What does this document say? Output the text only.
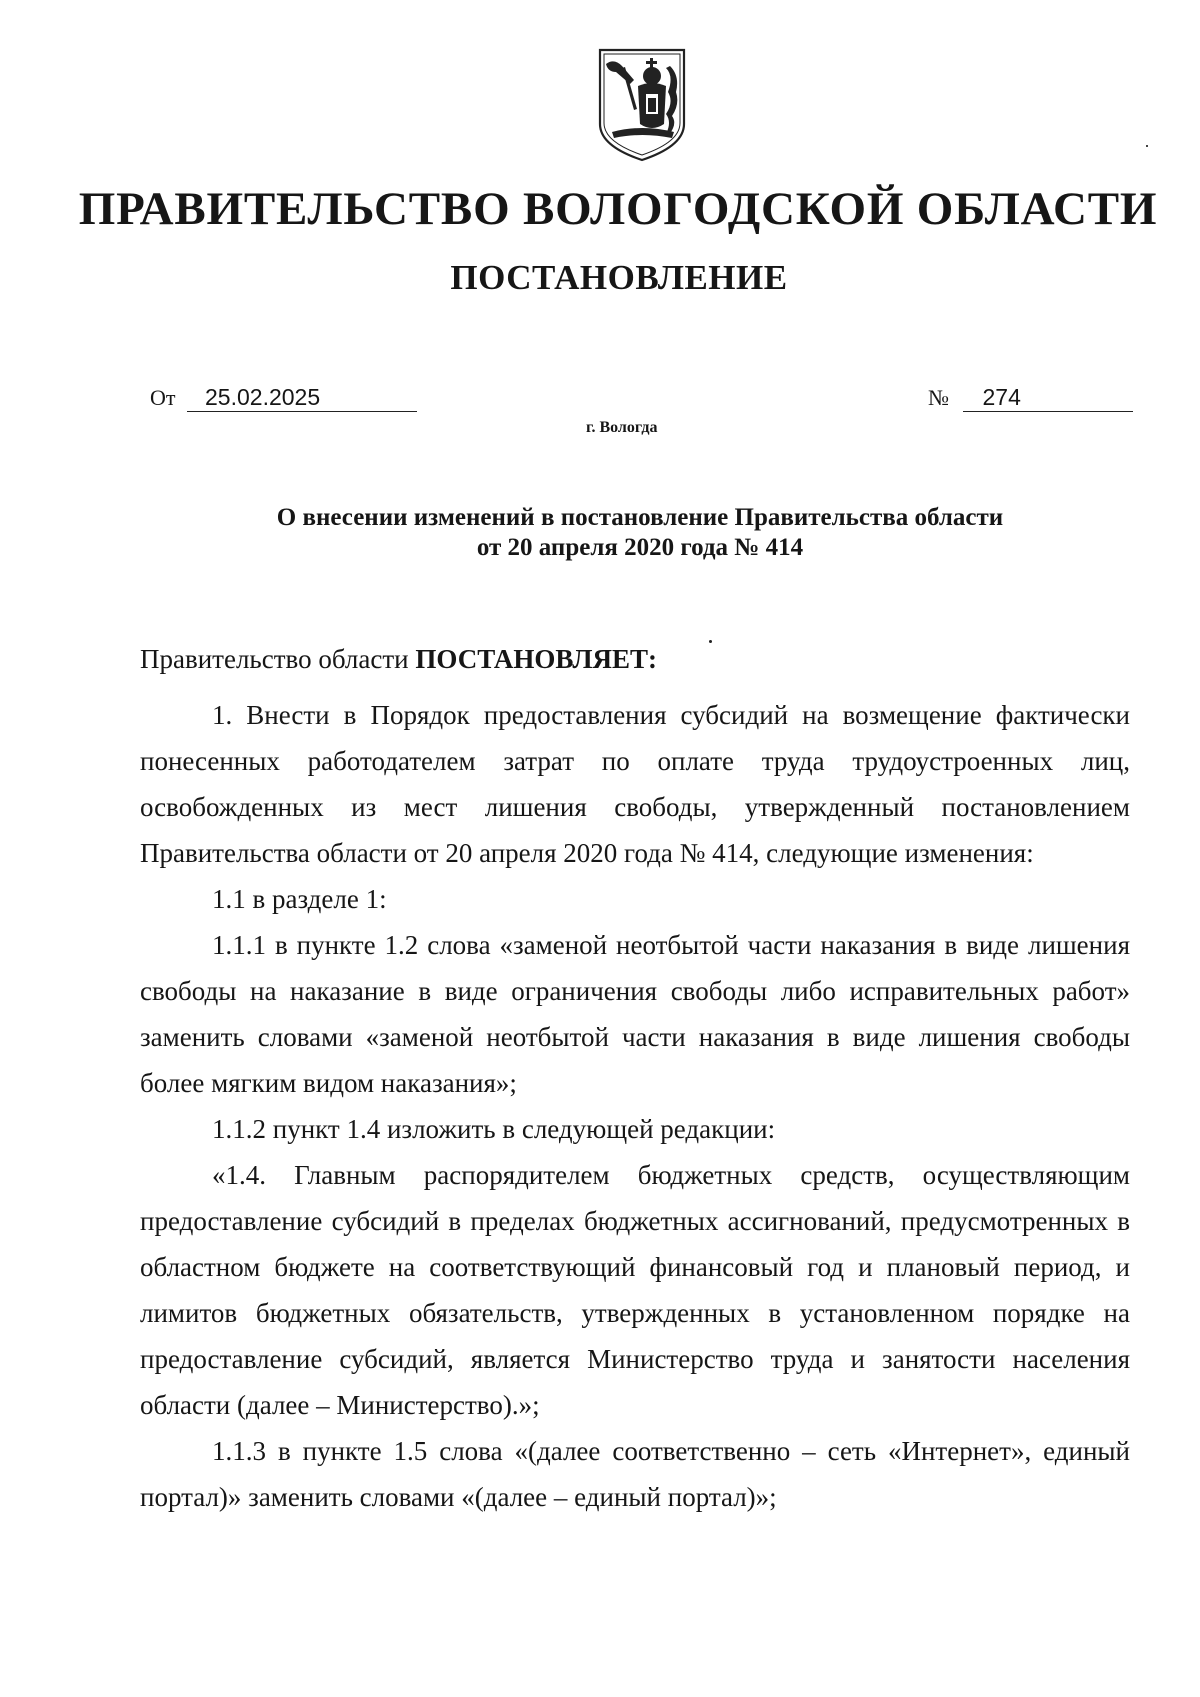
ПРАВИТЕЛЬСТВО ВОЛОГОДСКОЙ ОБЛАСТИ
ПОСТАНОВЛЕНИЕ
От 25.02.2025	№ 274
г. Вологда
О внесении изменений в постановление Правительства области
от 20 апреля 2020 года № 414

Правительство области ПОСТАНОВЛЯЕТ:

1. Внести в Порядок предоставления субсидий на возмещение фактически понесенных работодателем затрат по оплате труда трудоустроенных лиц, освобожденных из мест лишения свободы, утвержденный постановлением Правительства области от 20 апреля 2020 года № 414, следующие изменения:

1.1 в разделе 1:

1.1.1 в пункте 1.2 слова «заменой неотбытой части наказания в виде лишения свободы на наказание в виде ограничения свободы либо исправительных работ» заменить словами «заменой неотбытой части наказания в виде лишения свободы более мягким видом наказания»;

1.1.2 пункт 1.4 изложить в следующей редакции:

«1.4. Главным распорядителем бюджетных средств, осуществляющим предоставление субсидий в пределах бюджетных ассигнований, предусмотренных в областном бюджете на соответствующий финансовый год и плановый период, и лимитов бюджетных обязательств, утвержденных в установленном порядке на предоставление субсидий, является Министерство труда и занятости населения области (далее – Министерство).»;

1.1.3 в пункте 1.5 слова «(далее соответственно – сеть «Интернет», единый портал)» заменить словами «(далее – единый портал)»;
